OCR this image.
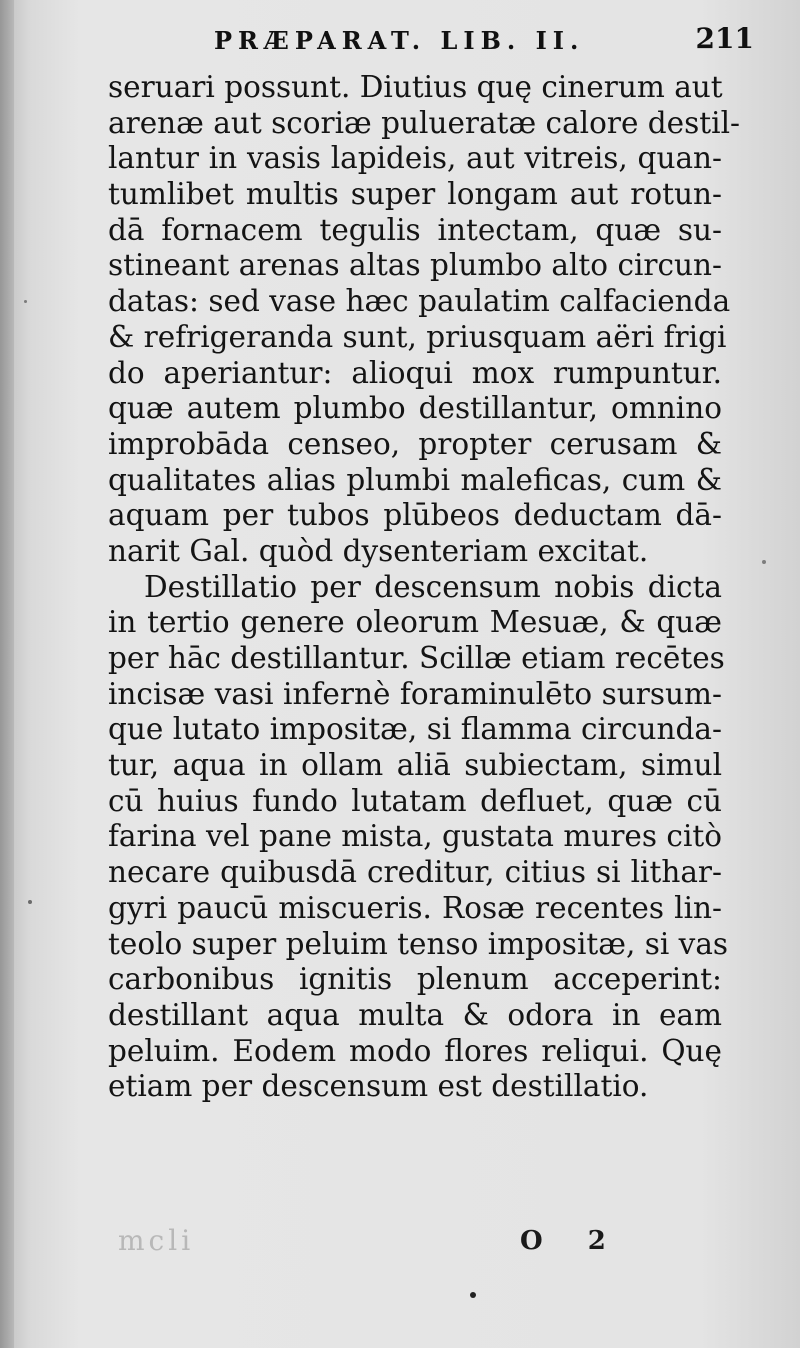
PRÆPARAT. LIB. II.	211
seruari possunt. Diutius quę cinerum aut
arenæ aut scoriæ pulueratæ calore destil-
lantur in vasis lapideis, aut vitreis, quan-
tumlibet multis super longam aut rotun-
dā fornacem tegulis intectam, quæ su-
stineant arenas altas plumbo alto circun-
datas: sed vase hæc paulatim calfacienda
& refrigeranda sunt, priusquam aëri frigi
do aperiantur: alioqui mox rumpuntur.
quæ autem plumbo destillantur, omnino
improbāda censeo, propter cerusam &
qualitates alias plumbi maleficas, cum &
aquam per tubos plūbeos deductam dā-
narit Gal. quòd dysenteriam excitat.
Destillatio per descensum nobis dicta
in tertio genere oleorum Mesuæ, & quæ
per hāc destillantur. Scillæ etiam recētes
incisæ vasi infernè foraminulēto sursum-
que lutato impositæ, si flamma circunda-
tur, aqua in ollam aliā subiectam, simul
cū huius fundo lutatam defluet, quæ cū
farina vel pane mista, gustata mures citò
necare quibusdā creditur, citius si lithar-
gyri paucū miscueris. Rosæ recentes lin-
teolo super peluim tenso impositæ, si vas
carbonibus ignitis plenum acceperint:
destillant aqua multa & odora in eam
peluim. Eodem modo flores reliqui. Quę
etiam per descensum est destillatio.
mcli	O 2
